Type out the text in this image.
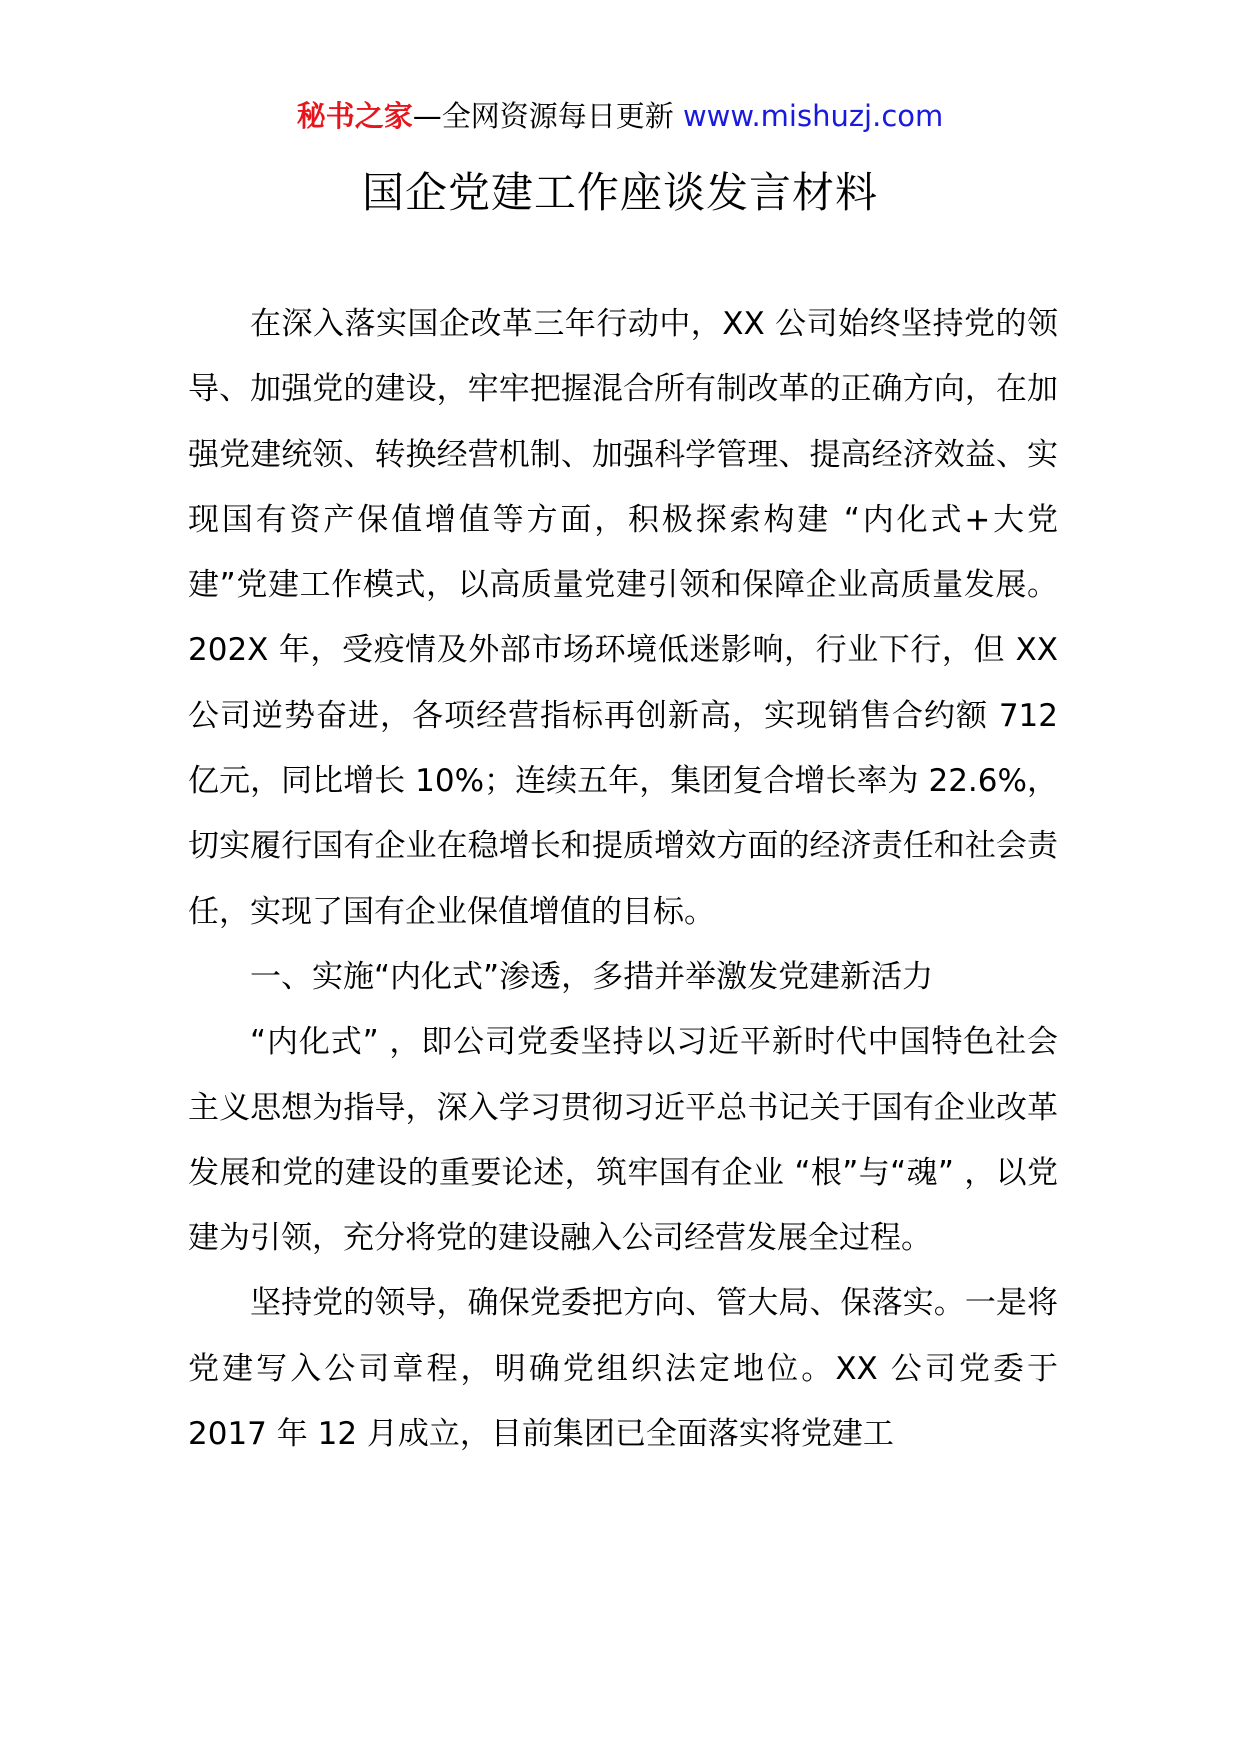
秘书之家—全网资源每日更新 www.mishuzj.com
国企党建工作座谈发言材料

在深入落实国企改革三年行动中，XX 公司始终坚持党的领导、加强党的建设，牢牢把握混合所有制改革的正确方向，在加强党建统领、转换经营机制、加强科学管理、提高经济效益、实现国有资产保值增值等方面，积极探索构建 “内化式+大党建”党建工作模式，以高质量党建引领和保障企业高质量发展。202X 年，受疫情及外部市场环境低迷影响，行业下行，但 XX 公司逆势奋进，各项经营指标再创新高，实现销售合约额 712 亿元，同比增长 10%；连续五年，集团复合增长率为 22.6%，切实履行国有企业在稳增长和提质增效方面的经济责任和社会责任，实现了国有企业保值增值的目标。

一、实施“内化式”渗透，多措并举激发党建新活力

“内化式” ，即公司党委坚持以习近平新时代中国特色社会主义思想为指导，深入学习贯彻习近平总书记关于国有企业改革发展和党的建设的重要论述，筑牢国有企业 “根”与“魂” ，以党建为引领，充分将党的建设融入公司经营发展全过程。

坚持党的领导，确保党委把方向、管大局、保落实。一是将党建写入公司章程，明确党组织法定地位。XX 公司党委于 2017 年 12 月成立，目前集团已全面落实将党建工
